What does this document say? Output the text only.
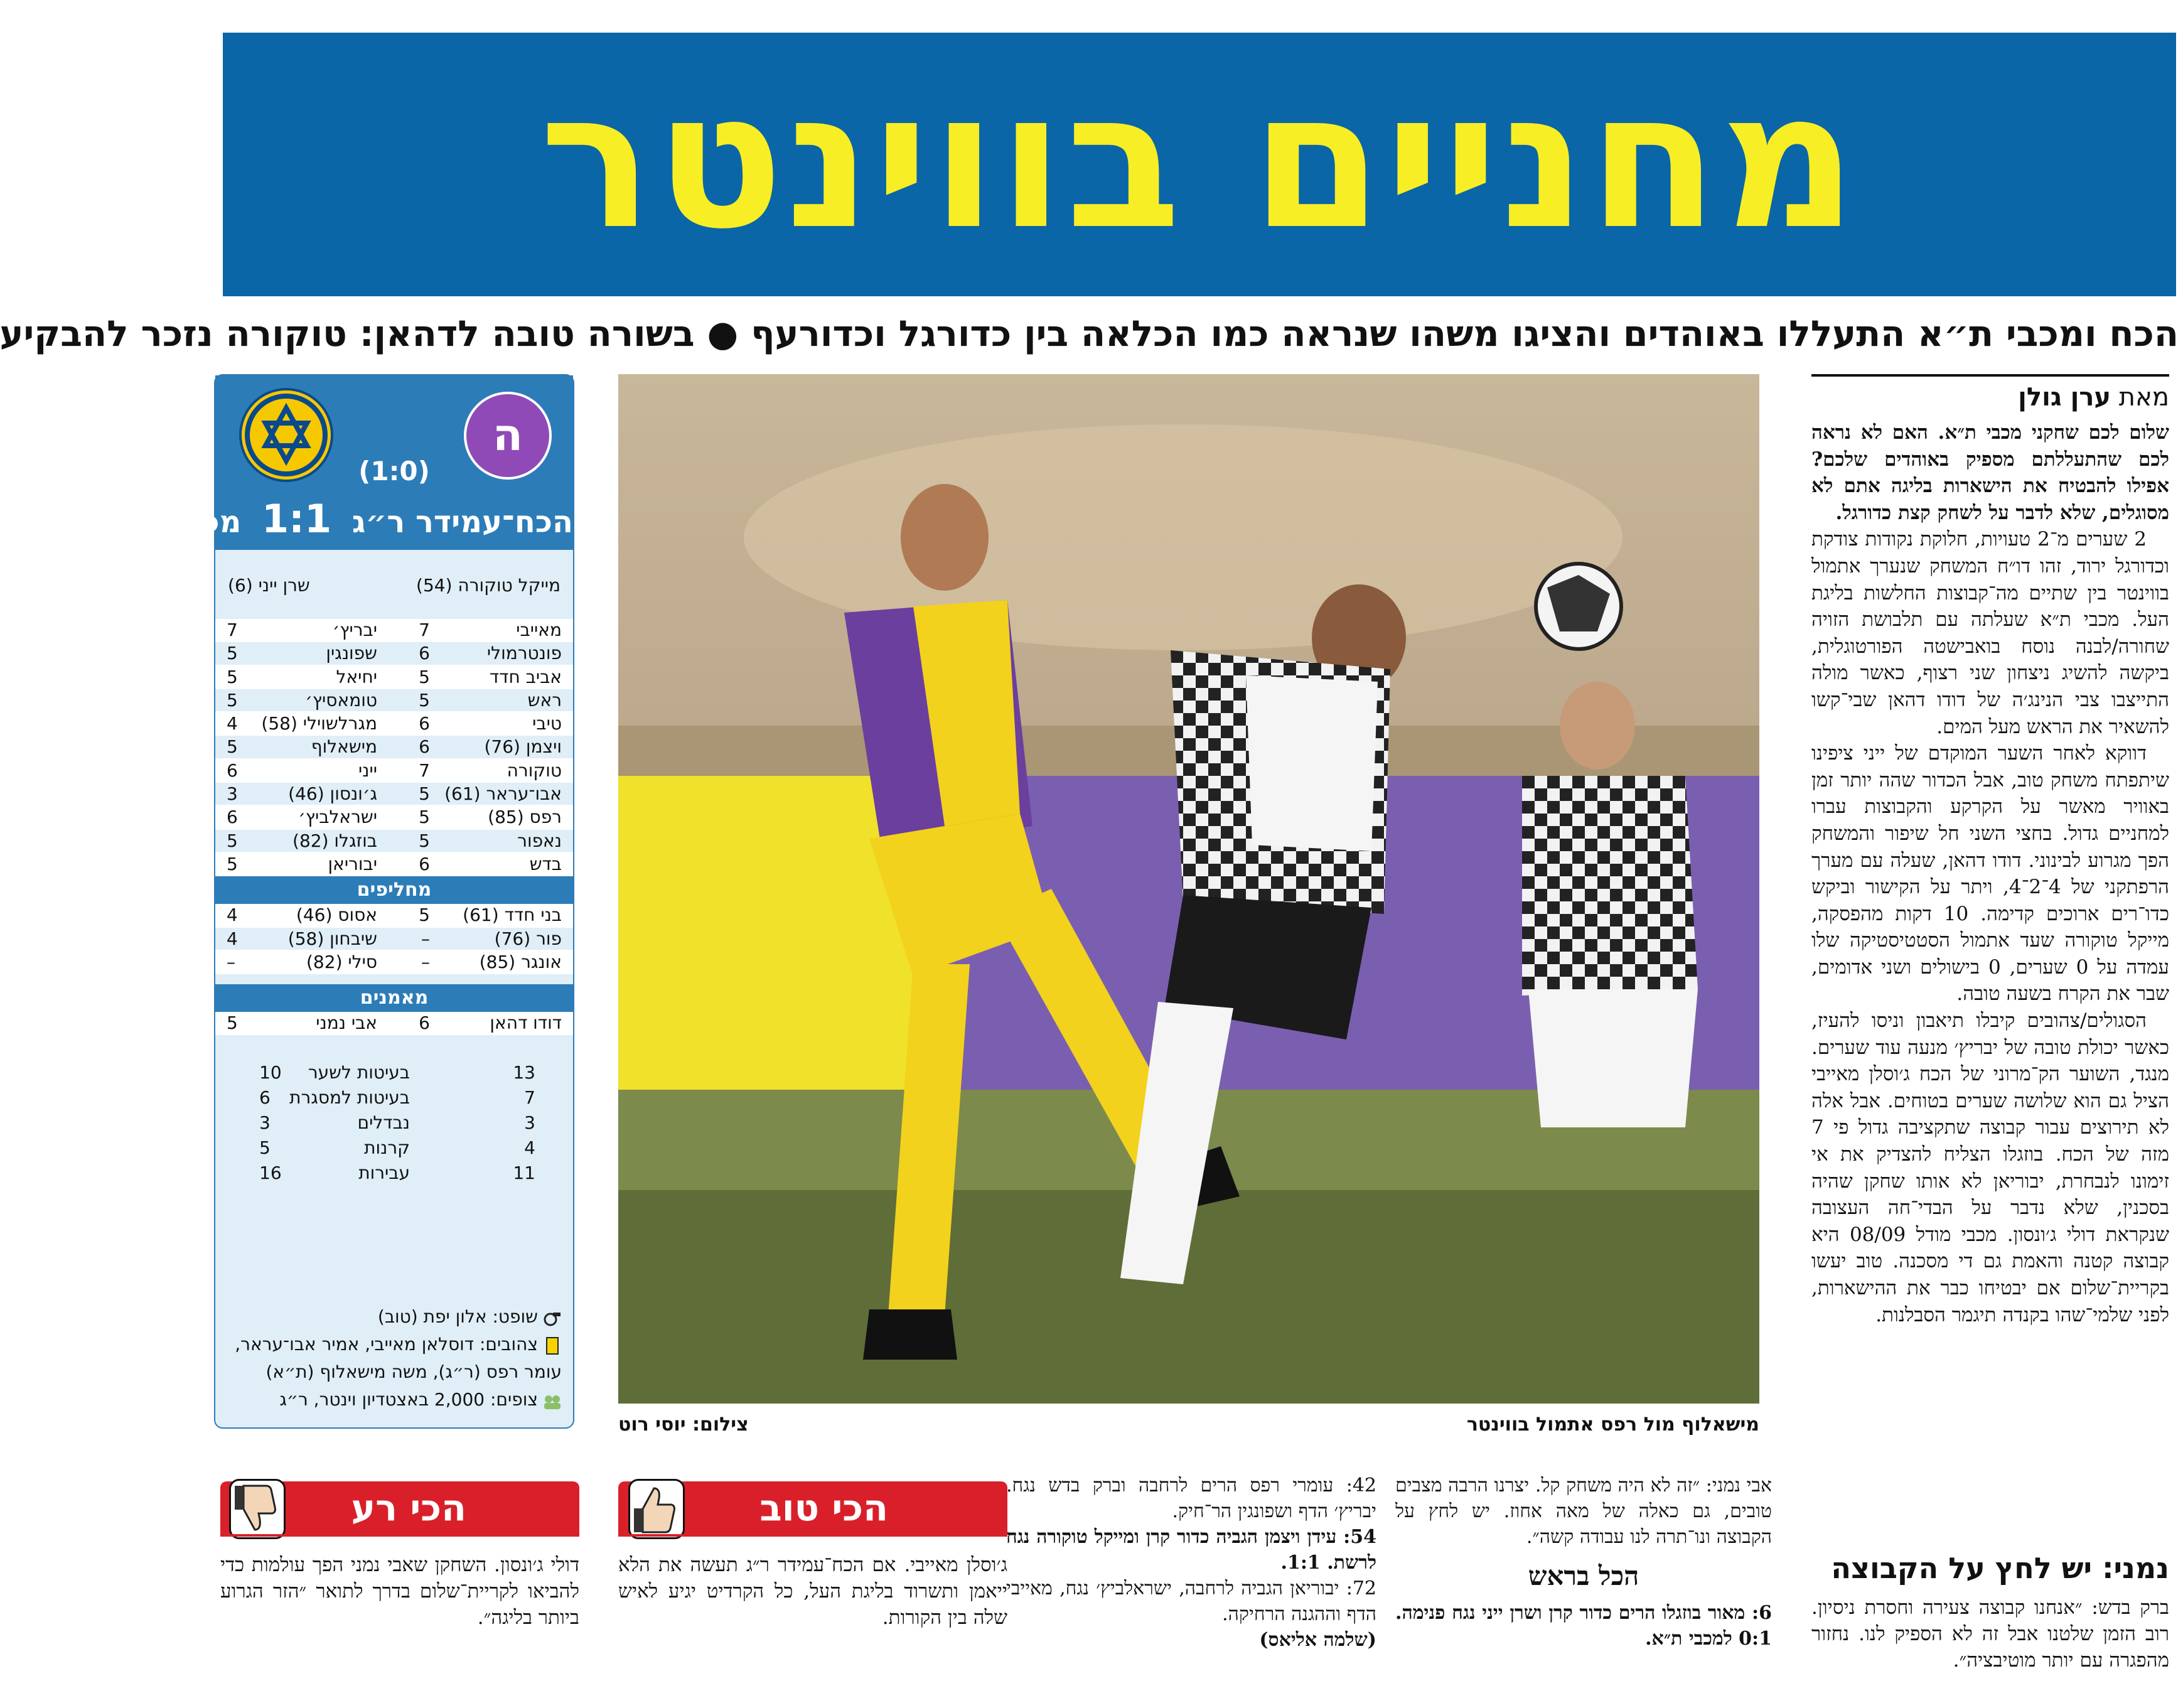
מחניים בווינטר
הכח ומכבי ת״א התעללו באוהדים והציגו משהו שנראה כמו הכלאה בין כדורגל וכדורעף ● בשורה טובה לדהאן: טוקורה נזכר להבקיע
מאת ערן גולן

שלום לכם שחקני מכבי ת״א. האם לא נראה לכם שהתעללתם מספיק באוהדים שלכם? אפילו להבטיח את הישארות בליגה אתם לא מסוגלים, שלא לדבר על לשחק קצת כדורגל.

2 שערים מ־2 טעויות, חלוקת נקודות צודקת וכדורגל ירוד, זהו דו״ח המשחק שנערך אתמול בווינטר בין שתיים מה־קבוצות החלשות בליגת העל. מכבי ת״א שעלתה עם תלבושת הזויה שחורה/לבנה נוסח בואבישטה הפורטוגלית, ביקשה להשיג ניצחון שני רצוף, כאשר מולה התייצבו צבי הנינג׳ה של דודו דהאן שבי־קשו להשאיר את הראש מעל המים.

דווקא לאחר השער המוקדם של ייני ציפינו שיתפתח משחק טוב, אבל הכדור שהה יותר זמן באוויר מאשר על הקרקע והקבוצות עברו למחניים גדול. בחצי השני חל שיפור והמשחק הפך מגרוע לבינוני. דודו דהאן, שעלה עם מערך הרפתקני של 4־2־4, ויתר על הקישור וביקש כדו־רים ארוכים קדימה. 10 דקות מהפסקה, מייקל טוקורה שעד אתמול הסטטיסטיקה שלו עמדה על 0 שערים, 0 בישולים ושני אדומים, שבר את הקרח בשעה טובה.

הסגולים/צהובים קיבלו תיאבון וניסו להעיז, כאשר יכולת טובה של יבריץ׳ מנעה עוד שערים. מנגד, השוער הק־מרוני של הכח ג׳וסלן מאייבי הציל גם הוא שלושה שערים בטוחים. אבל אלה לא תירוצים עבור קבוצה שתקציבה גדול פי 7 מזה של הכח. בוזגלו הצליח להצדיק את אי זימונו לנבחרת, יבוריאן לא אותו שחקן שהיה בסכנין, שלא נדבר על הבדי־חה העצובה שנקראת דולי ג׳ונסון. מכבי מודל 08/09 היא קבוצה קטנה והאמת גם די מסכנה. טוב יעשו בקריית־שלום אם יבטיחו כבר את ההישארות, לפני שלמי־שהו בקנדה תיגמר הסבלנות.

נמני: יש לחץ על הקבוצה
ברק בדש: ״אנחנו קבוצה צעירה וחסרת ניסיון. רוב הזמן שלטנו אבל זה לא הספיק לנו. נחזור מהפגרה עם יותר מוטיבציה״.
מישאלוף מול רפס אתמול בווינטר
צילום: יוסי רוט
ה
(1:0)
הכח־עמידר ר״ג 1:1 מכבי ת״א
מייקל טוקורה (54)
שרן ייני (6)
מאייבי
7
יבריץ׳
7
פונטרמולי
6
שפונגין
5
אביב חדד
5
יחיאל
5
ראש
5
טומאסיץ׳
5
טיבי
6
מגרלשוילי (58)
4
ויצמן (76)
6
מישאלוף
5
טוקורה
7
ייני
6
אבו־עראר (61)
5
ג׳ונסון (46)
3
רפס (85)
5
ישראלביץ׳
6
נאפור
5
בוזגלו (82)
5
בדש
6
יבוריאן
5
מחליפים
בני חדד (61)
5
אסוס (46)
4
פור (76)
–
שיבחון (58)
4
אונגר (85)
–
סילי (82)
–
מאמנים
דודו דהאן
6
אבי נמני
5
13
בעיטות לשער
10
7
בעיטות למסגרת
6
3
נבדלים
3
4
קרנות
5
11
עבירות
16
שופט: אלון יפת (טוב)
צהובים: דוסלאן מאייבי, אמיר אבו־עראר,
עומר רפס (ר״ג), משה מישאלוף (ת״א)
צופים: 2,000 באצטדיון וינטר, ר״ג
הכי טוב
ג׳וסלן מאייבי. אם הכח־עמידר ר״ג תעשה את הלא ייאמן ותשרוד בליגת העל, כל הקרדיט יגיע לאיש שלה בין הקורות.
הכי רע
דולי ג׳ונסון. השחקן שאבי נמני הפך עולמות כדי להביאו לקריית־שלום בדרך לתואר ״הזר הגרוע ביותר בליגה״.
אבי נמני: ״זה לא היה משחק קל. יצרנו הרבה מצבים טובים, גם כאלה של מאה אחוז. יש לחץ על הקבוצה ונו־תרה לנו עבודה קשה״.
הכל בראש
6: מאור בוזגלו הרים כדור קרן ושרן ייני נגח פנימה. 0:1 למכבי ת״א.
42: עומרי רפס הרים לרחבה וברק בדש נגח. יבריץ׳ הדף ושפונגין הר־חיק.
54: עידן ויצמן הגביה כדור קרן ומייקל טוקורה נגח לרשת. 1:1.
72: יבוריאן הגביה לרחבה, ישראלביץ׳ נגח, מאייבי הדף וההגנה הרחיקה.
(שלמה אליאס)
